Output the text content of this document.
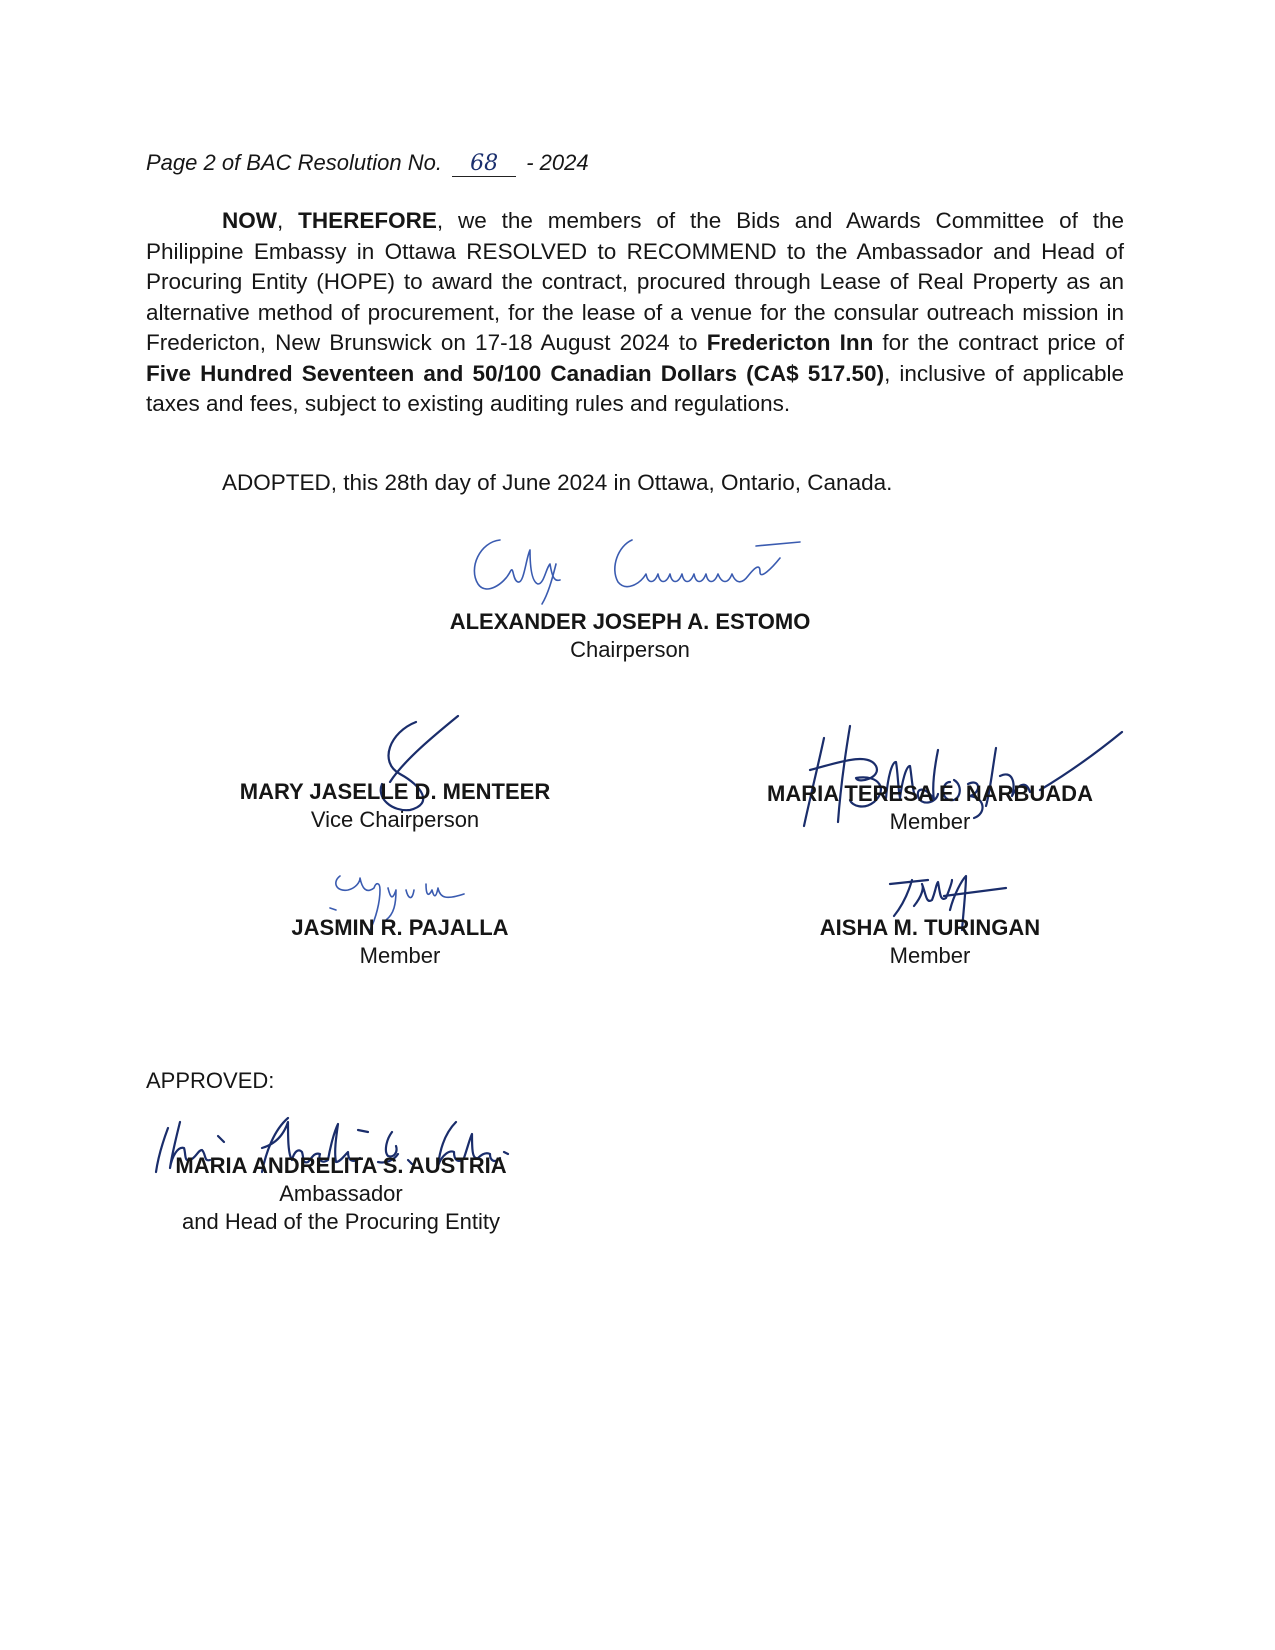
Page 2 of BAC Resolution No. 68 - 2024
NOW, THEREFORE, we the members of the Bids and Awards Committee of the Philippine Embassy in Ottawa RESOLVED to RECOMMEND to the Ambassador and Head of Procuring Entity (HOPE) to award the contract, procured through Lease of Real Property as an alternative method of procurement, for the lease of a venue for the consular outreach mission in Fredericton, New Brunswick on 17-18 August 2024 to Fredericton Inn for the contract price of Five Hundred Seventeen and 50/100 Canadian Dollars (CA$ 517.50), inclusive of applicable taxes and fees, subject to existing auditing rules and regulations.
ADOPTED, this 28th day of June 2024 in Ottawa, Ontario, Canada.
ALEXANDER JOSEPH A. ESTOMO
Chairperson
MARY JASELLE D. MENTEER
Vice Chairperson
MARIA TERESA E. NARBUADA
Member
JASMIN R. PAJALLA
Member
AISHA M. TURINGAN
Member
APPROVED:
MARIA ANDRELITA S. AUSTRIA
Ambassador
and Head of the Procuring Entity
